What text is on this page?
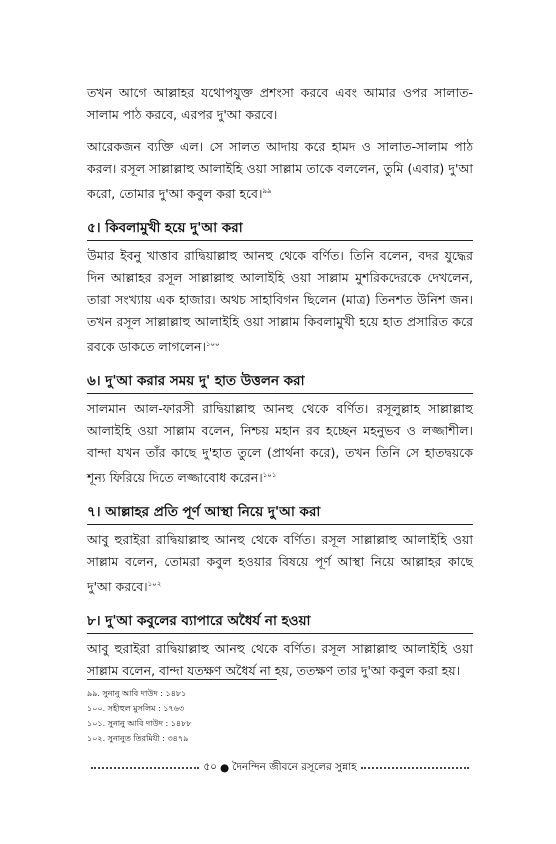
তখন আগে আল্লাহর যথোপযুক্ত প্রশংসা করবে এবং আমার ওপর সালাত-সালাম পাঠ করবে, এরপর দু'আ করবে।

আরেকজন ব্যক্তি এল। সে সালত আদায় করে হামদ ও সালাত-সালাম পাঠ করল। রসূল সাল্লাল্লাহু আলাইহি ওয়া সাল্লাম তাকে বললেন, তুমি (এবার) দু'আ করো, তোমার দু'আ কবুল করা হবে।$^{৯৯}$

৫। কিবলামুখী হয়ে দু'আ করা

উমার ইবনু খাত্তাব রাদ্বিয়াল্লাহু আনহু থেকে বর্ণিত। তিনি বলেন, বদর যুদ্ধের দিন আল্লাহর রসূল সাল্লাল্লাহু আলাইহি ওয়া সাল্লাম মুশরিকদেরকে দেখলেন, তারা সংখ্যায় এক হাজার। অথচ সাহাবিগন ছিলেন (মাত্র) তিনশত উনিশ জন। তখন রসূল সাল্লাল্লাহু আলাইহি ওয়া সাল্লাম কিবলামুখী হয়ে হাত প্রসারিত করে রবকে ডাকতে লাগলেন।$^{১০০}$

৬। দু'আ করার সময় দু' হাত উত্তলন করা

সালমান আল-ফারসী রাদ্বিয়াল্লাহু আনহু থেকে বর্ণিত। রসূলুল্লাহ সাল্লাল্লাহু আলাইহি ওয়া সাল্লাম বলেন, নিশ্চয় মহান রব হচ্ছেন মহনুভব ও লজ্জাশীল। বান্দা যখন তাঁর কাছে দু'হাত তুলে (প্রার্থনা করে), তখন তিনি সে হাতদ্বয়কে শূন্য ফিরিয়ে দিতে লজ্জাবোধ করেন।$^{১০১}$

৭। আল্লাহর প্রতি পূর্ণ আস্থা নিয়ে দু'আ করা

আবু হুরাইরা রাদ্বিয়াল্লাহু আনহু থেকে বর্ণিত। রসূল সাল্লাল্লাহু আলাইহি ওয়া সাল্লাম বলেন, তোমরা কবুল হওয়ার বিষয়ে পূর্ণ আস্থা নিয়ে আল্লাহর কাছে দু'আ করবে।$^{১০২}$

৮। দু'আ কবুলের ব্যাপারে অধৈর্য না হওয়া

আবু হুরাইরা রাদ্বিয়াল্লাহু আনহু থেকে বর্ণিত। রসূল সাল্লাল্লাহু আলাইহি ওয়া সাল্লাম বলেন, বান্দা যতক্ষণ অধৈর্য না হয়, ততক্ষণ তার দু'আ কবুল করা হয়।

৯৯. সুনানু আবি দাউদ : ১৪৮১
১০০. সহীহুল মুসলিম : ১৭৬৩
১০১. সুনানু আবি দাউদ : ১৪৮৮
১০২. সুনানুত তিরমিযী : ৩৪৭৯
৫০ ● দৈনন্দিন জীবনে রসূলের সুন্নাহ
